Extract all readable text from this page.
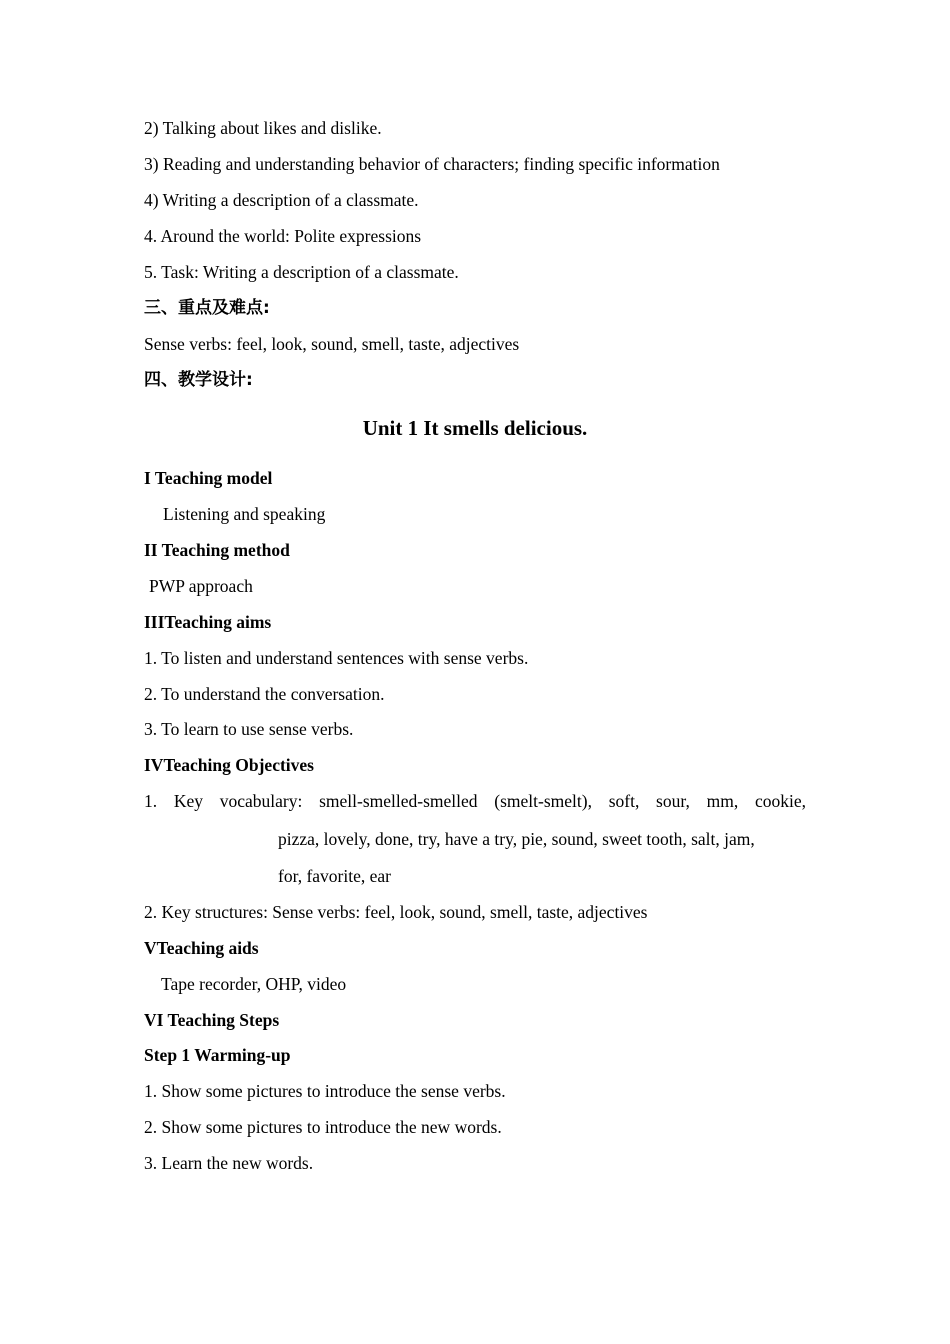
2) Talking about likes and dislike.
3) Reading and understanding behavior of characters; finding specific information
4) Writing a description of a classmate.
4. Around the world: Polite expressions
5. Task: Writing a description of a classmate.
三、重点及难点:
Sense verbs: feel, look, sound, smell, taste, adjectives
四、教学设计:
Unit 1 It smells delicious.
I Teaching model
Listening and speaking
II Teaching method
PWP approach
IIITeaching aims
1. To listen and understand sentences with sense verbs.
2. To understand the conversation.
3. To learn to use sense verbs.
IVTeaching Objectives
1. Key vocabulary: smell-smelled-smelled (smelt-smelt), soft, sour, mm, cookie,
pizza, lovely, done, try, have a try, pie, sound, sweet tooth, salt, jam,
for, favorite, ear
2. Key structures: Sense verbs: feel, look, sound, smell, taste, adjectives
VTeaching aids
Tape recorder, OHP, video
VI Teaching Steps
Step 1 Warming-up
1. Show some pictures to introduce the sense verbs.
2. Show some pictures to introduce the new words.
3. Learn the new words.
